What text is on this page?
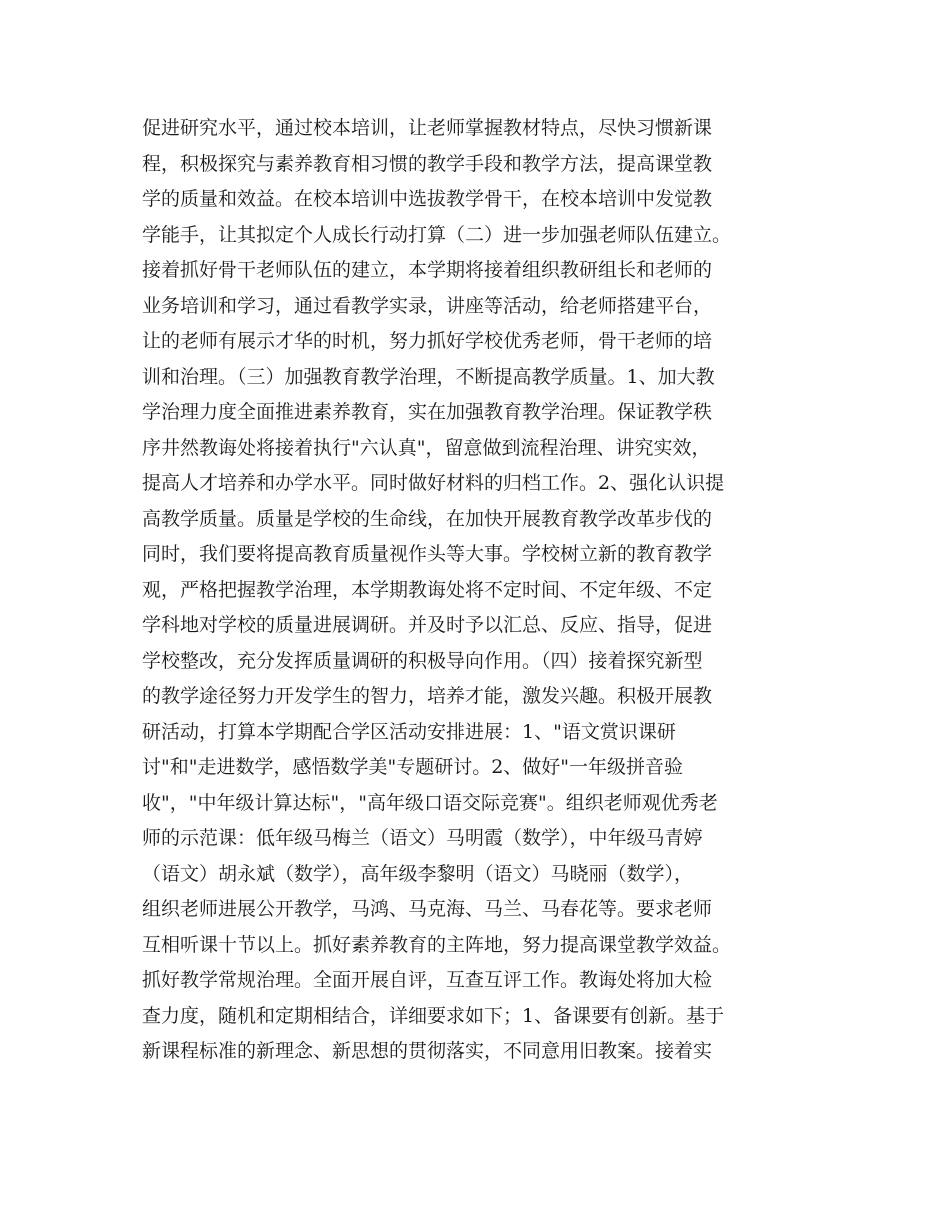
促进研究水平，通过校本培训，让老师掌握教材特点，尽快习惯新课
程，积极探究与素养教育相习惯的教学手段和教学方法，提高课堂教
学的质量和效益。在校本培训中选拔教学骨干，在校本培训中发觉教
学能手，让其拟定个人成长行动打算（二）进一步加强老师队伍建立。
接着抓好骨干老师队伍的建立，本学期将接着组织教研组长和老师的
业务培训和学习，通过看教学实录，讲座等活动，给老师搭建平台，
让的老师有展示才华的时机，努力抓好学校优秀老师，骨干老师的培
训和治理。（三）加强教育教学治理，不断提高教学质量。1、加大教
学治理力度全面推进素养教育，实在加强教育教学治理。保证教学秩
序井然教诲处将接着执行"六认真"，留意做到流程治理、讲究实效，
提高人才培养和办学水平。同时做好材料的归档工作。2、强化认识提
高教学质量。质量是学校的生命线，在加快开展教育教学改革步伐的
同时，我们要将提高教育质量视作头等大事。学校树立新的教育教学
观，严格把握教学治理，本学期教诲处将不定时间、不定年级、不定
学科地对学校的质量进展调研。并及时予以汇总、反应、指导，促进
学校整改，充分发挥质量调研的积极导向作用。（四）接着探究新型
的教学途径努力开发学生的智力，培养才能，激发兴趣。积极开展教
研活动，打算本学期配合学区活动安排进展：1、"语文赏识课研
讨"和"走进数学，感悟数学美"专题研讨。2、做好"一年级拼音验
收"，"中年级计算达标"，"高年级口语交际竞赛"。组织老师观优秀老
师的示范课：低年级马梅兰（语文）马明霞（数学），中年级马青婷
（语文）胡永斌（数学），高年级李黎明（语文）马晓丽（数学），
组织老师进展公开教学，马鸿、马克海、马兰、马春花等。要求老师
互相听课十节以上。抓好素养教育的主阵地，努力提高课堂教学效益。
抓好教学常规治理。全面开展自评，互查互评工作。教诲处将加大检
查力度，随机和定期相结合，详细要求如下；1、备课要有创新。基于
新课程标准的新理念、新思想的贯彻落实，不同意用旧教案。接着实
